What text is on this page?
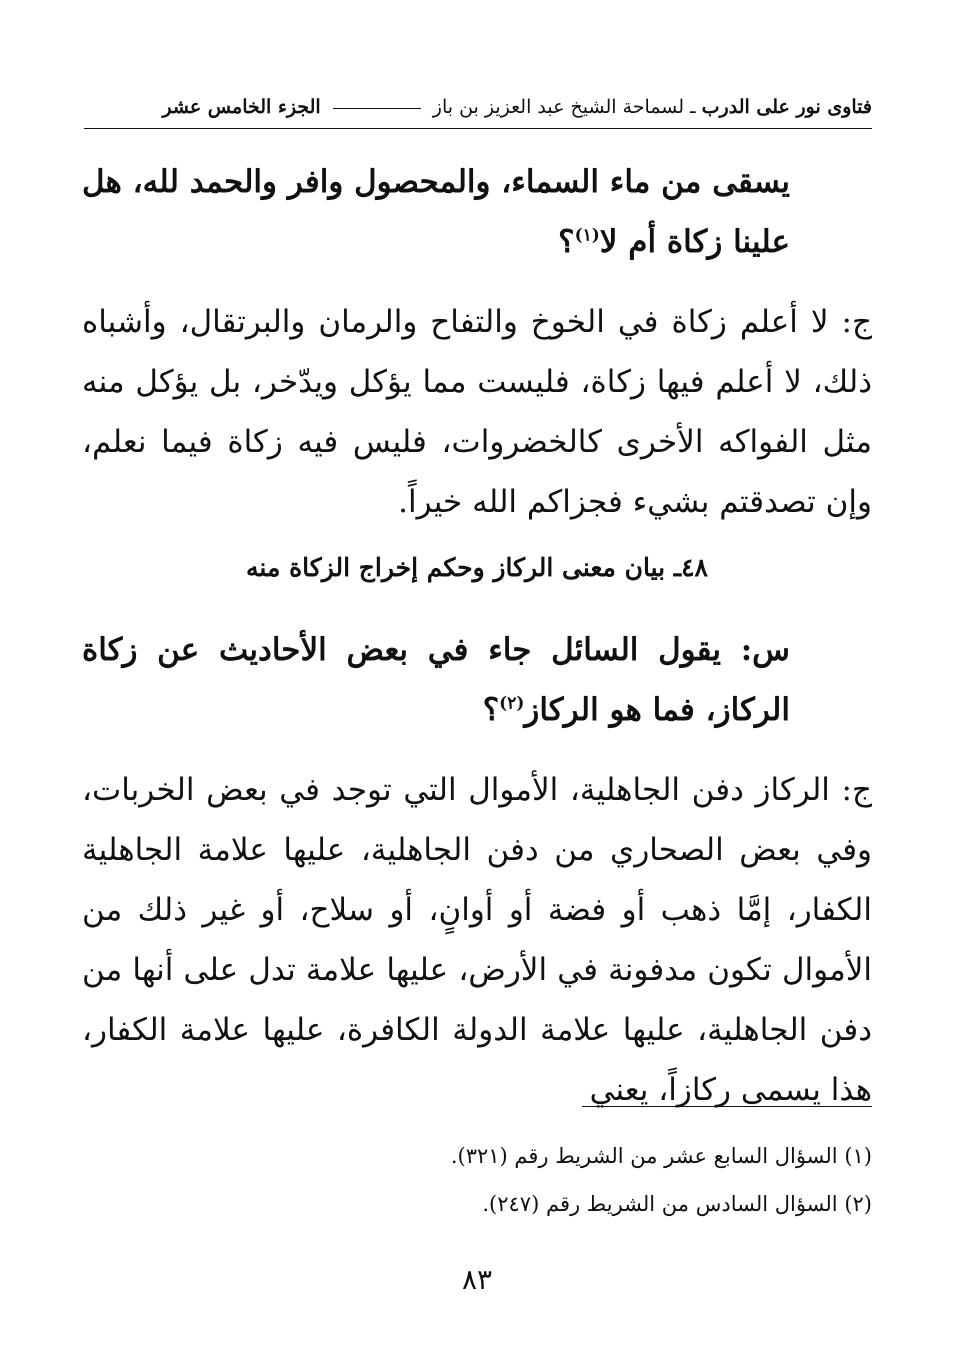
فتاوى نور على الدرب ـ لسماحة الشيخ عبد العزيز بن باز  الجزء الخامس عشر

يسقى من ماء السماء، والمحصول وافر والحمد لله، هل علينا زكاة أم لا$^{(١)}$؟

ج: لا أعلم زكاة في الخوخ والتفاح والرمان والبرتقال، وأشباه ذلك، لا أعلم فيها زكاة، فليست مما يؤكل ويدّخر، بل يؤكل منه مثل الفواكه الأخرى كالخضروات، فليس فيه زكاة فيما نعلم، وإن تصدقتم بشيء فجزاكم الله خيراً.

٤٨ـ بيان معنى الركاز وحكم إخراج الزكاة منه

س: يقول السائل جاء في بعض الأحاديث عن زكاة الركاز، فما هو الركاز$^{(٢)}$؟

ج: الركاز دفن الجاهلية، الأموال التي توجد في بعض الخربات، وفي بعض الصحاري من دفن الجاهلية، عليها علامة الجاهلية الكفار، إمَّا ذهب أو فضة أو أوانٍ، أو سلاح، أو غير ذلك من الأموال تكون مدفونة في الأرض، عليها علامة تدل على أنها من دفن الجاهلية، عليها علامة الدولة الكافرة، عليها علامة الكفار، هذا يسمى ركازاً، يعني

(١) السؤال السابع عشر من الشريط رقم (٣٢١).

(٢) السؤال السادس من الشريط رقم (٢٤٧).

٨٣
